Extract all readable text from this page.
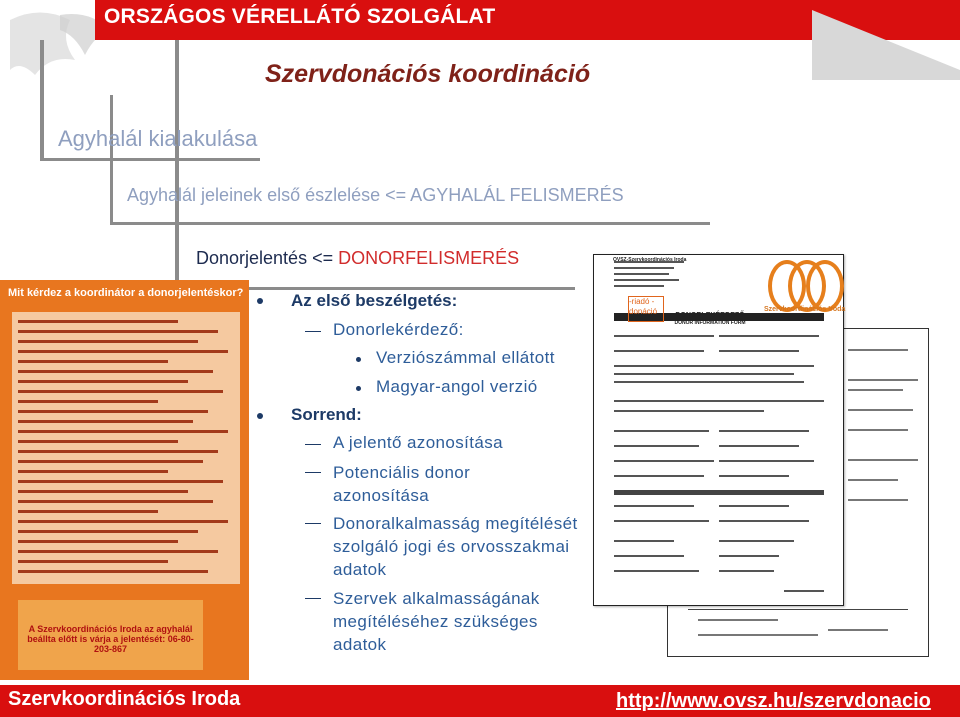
ORSZÁGOS VÉRELLÁTÓ SZOLGÁLAT
Szervdonációs koordináció
Agyhalál kialakulása
Agyhalál jeleinek első észlelése <= AGYHALÁL FELISMERÉS
Donorjelentés <= DONORFELISMERÉS
Mit kérdez a koordinátor a donorjelentéskor?
A Szervkoordinációs Iroda az agyhalál beállta előtt is várja a jelentését: 06-80-203-867
Az első beszélgetés:
Donorlekérdező:
Verziószámmal ellátott
Magyar-angol verzió
Sorrend:
A jelentő azonosítása
Potenciális donor azonosítása
Donoralkalmasság megítélését szolgáló jogi és orvosszakmai adatok
Szervek alkalmasságának megítéléséhez szükséges adatok
-riadó -donáció	DONORLEKÉRDEZŐ
DONOR INFORMATION FORM
OVSZ-Szervkoordinációs Iroda
Szervkoordinációs Iroda
Szervkoordinációs Iroda	http://www.ovsz.hu/szervdonacio
